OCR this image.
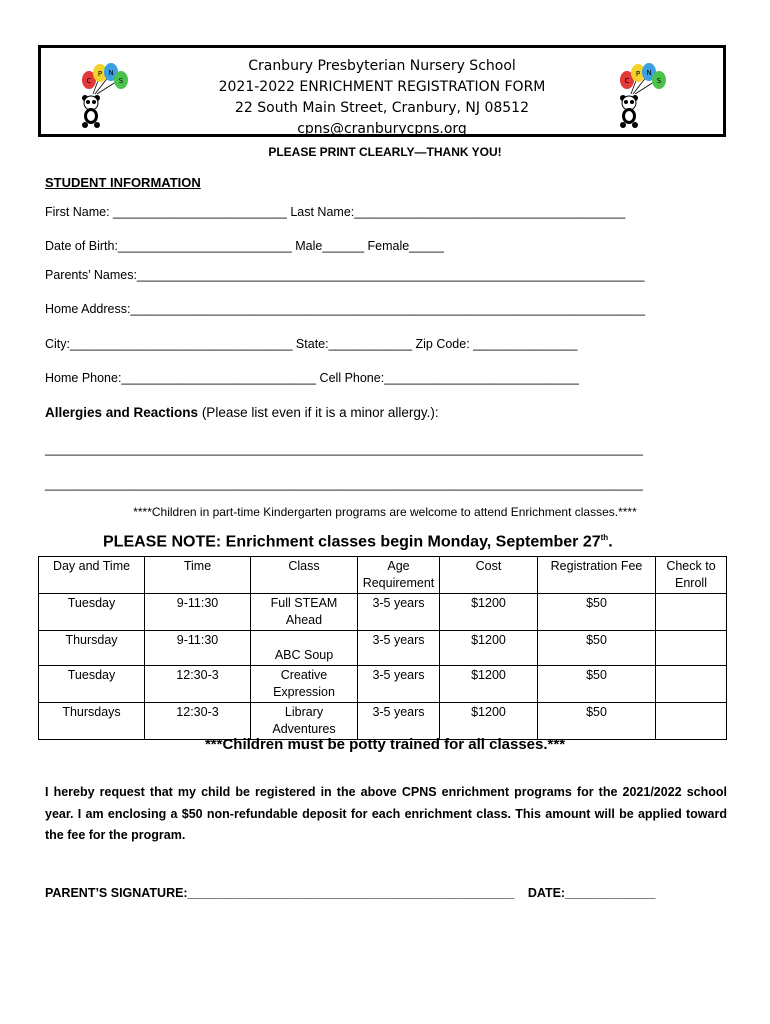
C
P N
S
Cranbury Presbyterian Nursery School
2021-2022 ENRICHMENT REGISTRATION FORM
22 South Main Street, Cranbury, NJ 08512
cpns@cranburycpns.org
C
P N
S
PLEASE PRINT CLEARLY—THANK YOU!
STUDENT INFORMATION
First Name: _________________________ Last Name:_______________________________________
Date of Birth:_________________________ Male______ Female_____
Parents’ Names:_________________________________________________________________________
Home Address:__________________________________________________________________________
City:________________________________ State:____________ Zip Code: _______________
Home Phone:____________________________ Cell Phone:____________________________
Allergies and Reactions (Please list even if it is a minor allergy.):
______________________________________________________________________________________
______________________________________________________________________________________
****Children in part-time Kindergarten programs are welcome to attend Enrichment classes.****
PLEASE NOTE: Enrichment classes begin Monday, September 27th.
Day and Time	Time	Class	Age Requirement	Cost	Registration Fee	Check to Enroll
Tuesday	9-11:30	Full STEAM Ahead	3-5 years	$1200	$50	
Thursday	9-11:30	ABC Soup	3-5 years	$1200	$50	
Tuesday	12:30-3	Creative Expression	3-5 years	$1200	$50	
Thursdays	12:30-3	Library Adventures	3-5 years	$1200	$50	
***Children must be potty trained for all classes.***
I hereby request that my child be registered in the above CPNS enrichment programs for the 2021/2022 school year. I am enclosing a $50 non-refundable deposit for each enrichment class. This amount will be applied toward the fee for the program.
PARENT’S SIGNATURE:_______________________________________________ DATE:_____________
